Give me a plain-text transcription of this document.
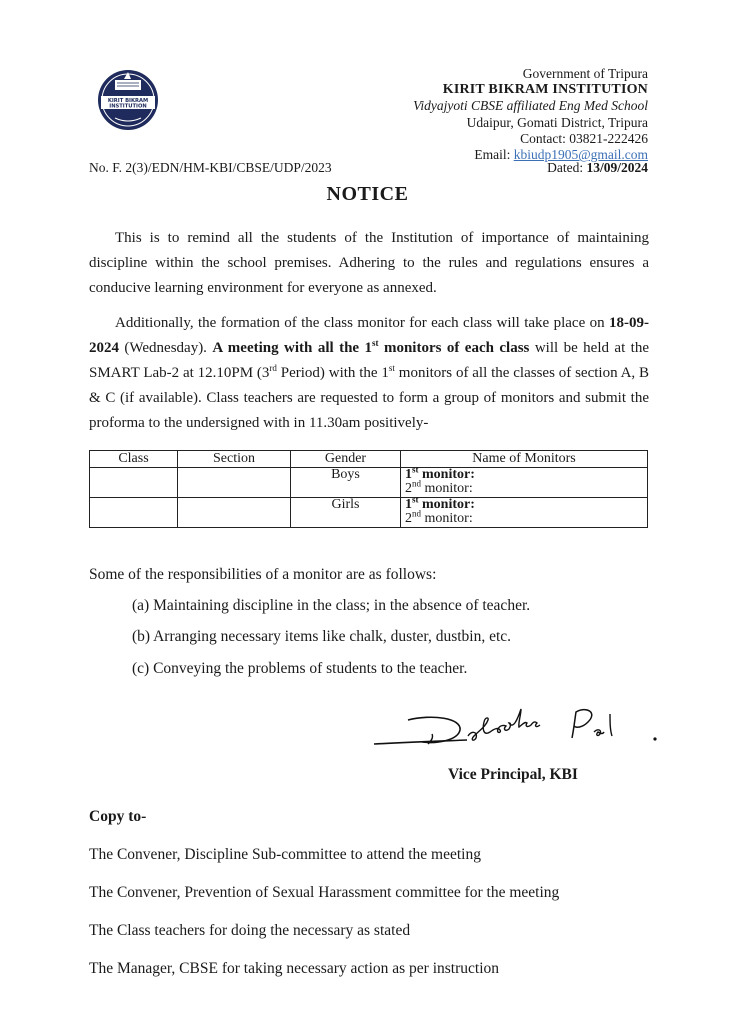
KIRIT BIKRAM
INSTITUTION
Government of Tripura
KIRIT BIKRAM INSTITUTION
Vidyajyoti CBSE affiliated Eng Med School
Udaipur, Gomati District, Tripura
Contact: 03821-222426
Email: kbiudp1905@gmail.com
No. F. 2(3)/EDN/HM-KBI/CBSE/UDP/2023	Dated: 13/09/2024
NOTICE
This is to remind all the students of the Institution of importance of maintaining discipline within the school premises. Adhering to the rules and regulations ensures a conducive learning environment for everyone as annexed.
Additionally, the formation of the class monitor for each class will take place on 18-09-2024 (Wednesday). A meeting with all the 1st monitors of each class will be held at the SMART Lab-2 at 12.10PM (3rd Period) with the 1st monitors of all the classes of section A, B & C (if available). Class teachers are requested to form a group of monitors and submit the proforma to the undersigned with in 11.30am positively-
Class	Section	Gender	Name of Monitors
		Boys	1st monitor:
2nd monitor:

		Girls	1st monitor:
2nd monitor:
Some of the responsibilities of a monitor are as follows:
(a) Maintaining discipline in the class; in the absence of teacher.
(b) Arranging necessary items like chalk, duster, dustbin, etc.
(c) Conveying the problems of students to the teacher.
Vice Principal, KBI
Copy to-
The Convener, Discipline Sub-committee to attend the meeting
The Convener, Prevention of Sexual Harassment committee for the meeting
The Class teachers for doing the necessary as stated
The Manager, CBSE for taking necessary action as per instruction
